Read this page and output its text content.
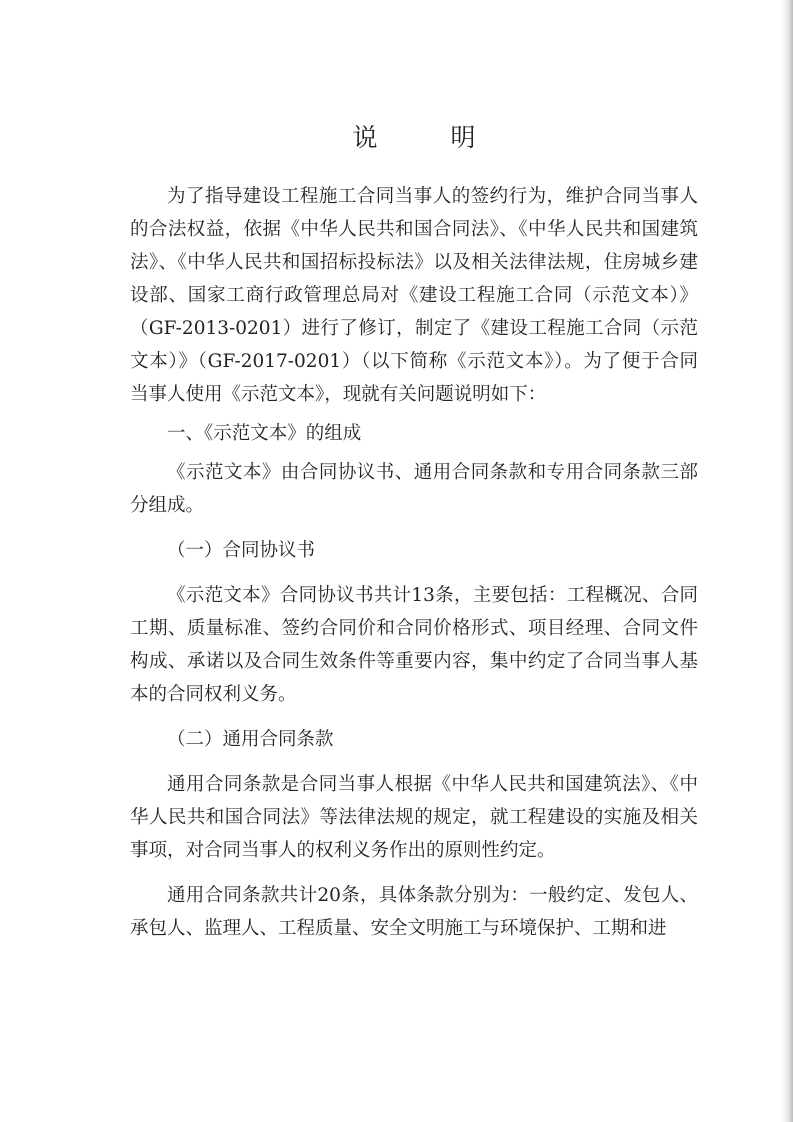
说　明

为了指导建设工程施工合同当事人的签约行为，维护合同当事人的合法权益，依据《中华人民共和国合同法》、《中华人民共和国建筑法》、《中华人民共和国招标投标法》以及相关法律法规，住房城乡建设部、国家工商行政管理总局对《建设工程施工合同（示范文本）》（GF-2013-0201）进行了修订，制定了《建设工程施工合同（示范文本）》（GF-2017-0201）（以下简称《示范文本》）。为了便于合同当事人使用《示范文本》，现就有关问题说明如下：

一、《示范文本》的组成

《示范文本》由合同协议书、通用合同条款和专用合同条款三部分组成。

（一）合同协议书

《示范文本》合同协议书共计13条，主要包括：工程概况、合同工期、质量标准、签约合同价和合同价格形式、项目经理、合同文件构成、承诺以及合同生效条件等重要内容，集中约定了合同当事人基本的合同权利义务。

（二）通用合同条款

通用合同条款是合同当事人根据《中华人民共和国建筑法》、《中华人民共和国合同法》等法律法规的规定，就工程建设的实施及相关事项，对合同当事人的权利义务作出的原则性约定。

通用合同条款共计20条，具体条款分别为：一般约定、发包人、承包人、监理人、工程质量、安全文明施工与环境保护、工期和进
